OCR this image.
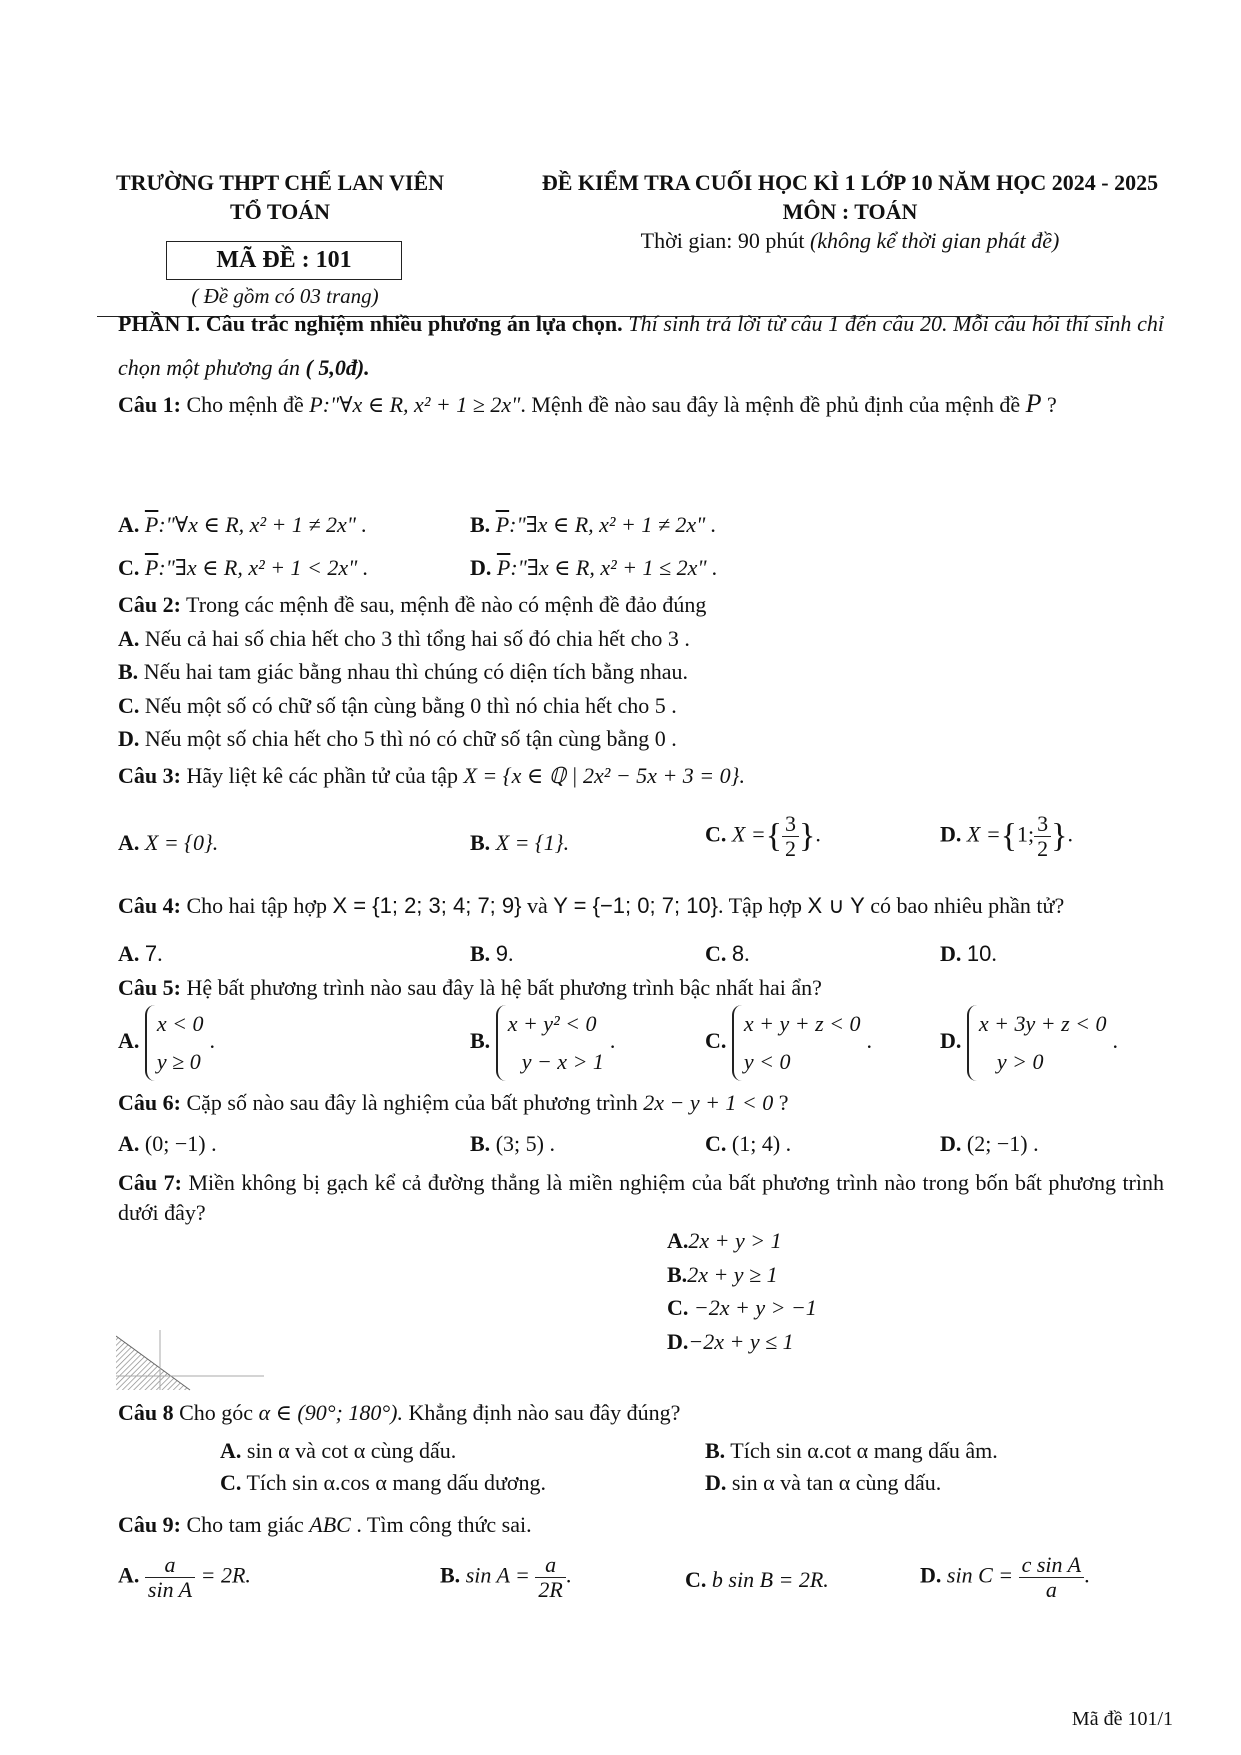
TRƯỜNG THPT CHẾ LAN VIÊN
TỔ TOÁN
ĐỀ KIỂM TRA CUỐI HỌC KÌ 1 LỚP 10 NĂM HỌC 2024 - 2025
MÔN : TOÁN
Thời gian: 90 phút (không kể thời gian phát đề)
MÃ ĐỀ : 101
( Đề gồm có 03 trang)
PHẦN I. Câu trắc nghiệm nhiều phương án lựa chọn. Thí sinh trả lời từ câu 1 đến câu 20. Mỗi câu hỏi thí sinh chỉ chọn một phương án ( 5,0đ).
Câu 1: Cho mệnh đề P:"∀x ∈ R, x² + 1 ≥ 2x". Mệnh đề nào sau đây là mệnh đề phủ định của mệnh đề P ?
A. $\overline{P}:"\forall x$ ∈ R, x² + 1 ≠ 2x" .	B. $\overline{P}:"\exists x$ ∈ R, x² + 1 ≠ 2x" .
C. $\overline{P}:"\exists x$ ∈ R, x² + 1 < 2x" .	D. $\overline{P}:"\exists x$ ∈ R, x² + 1 ≤ 2x" .
Câu 2: Trong các mệnh đề sau, mệnh đề nào có mệnh đề đảo đúng
A. Nếu cả hai số chia hết cho 3 thì tổng hai số đó chia hết cho 3 .
B. Nếu hai tam giác bằng nhau thì chúng có diện tích bằng nhau.
C. Nếu một số có chữ số tận cùng bằng 0 thì nó chia hết cho 5 .
D. Nếu một số chia hết cho 5 thì nó có chữ số tận cùng bằng 0 .
Câu 3: Hãy liệt kê các phần tử của tập X = {x ∈ ℚ | 2x² − 5x + 3 = 0}.
A. X = {0}.	B. X = {1}.	C. X ={ $\frac{3}{2}$ }.	D. X ={1; $\frac{3}{2}$ }.
Câu 4: Cho hai tập hợp X = {1; 2; 3; 4; 7; 9} và Y = {−1; 0; 7; 10}. Tập hợp X ∪ Y có bao nhiêu phần tử?
A. 7.	B. 9.	C. 8.	D. 10.
Câu 5: Hệ bất phương trình nào sau đây là hệ bất phương trình bậc nhất hai ẩn?
A.
x < 0
y ≥ 0
.	B.
x + y² < 0
y − x > 1
.	C.
x + y + z < 0
y < 0
.	D.
x + 3y + z < 0
y > 0
.
Câu 6: Cặp số nào sau đây là nghiệm của bất phương trình 2x − y + 1 < 0 ?
A. (0; −1) .	B. (3; 5) .	C. (1; 4) .	D. (2; −1) .
Câu 7: Miền không bị gạch kể cả đường thẳng là miền nghiệm của bất phương trình nào trong bốn bất phương trình dưới đây?
A.2x + y > 1
B.2x + y ≥ 1
C. −2x + y > −1
D.−2x + y ≤ 1
Câu 8 Cho góc α ∈ (90°; 180°). Khẳng định nào sau đây đúng?
A. sin α và cot α cùng dấu.	B. Tích sin α.cot α mang dấu âm.
C. Tích sin α.cos α mang dấu dương.	D. sin α và tan α cùng dấu.
Câu 9: Cho tam giác ABC . Tìm công thức sai.
A. $\frac{a}{\text{sin A}} = 2R$.	B. $\sin A = \frac{a}{2R}$ .	C. b sin B = 2R.	D. $\sin C = \frac{\text{c sin A}}{a}$ .
Mã đề 101/1
